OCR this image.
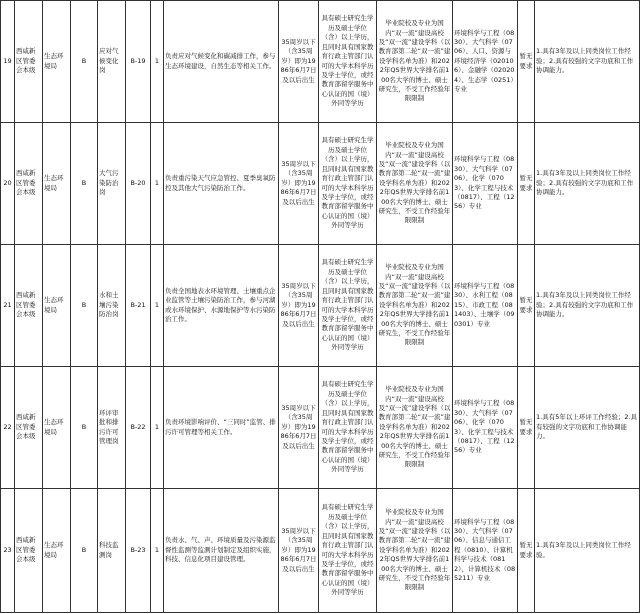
19	西咸新区管委会本级	生态环境局	B	应对气候变化岗	B-19	1	负责应对气候变化和碳减排工作，参与生态环境建设，自然生态等相关工作。	35周岁以下（含35周岁）即为1986年6月7日及以后出生	具有硕士研究生学历及硕士学位（含）以上学历，且同时具有国家教育行政主管部门认可的大学本科学历及学士学位，或经教育部留学服务中心认证的国（境）外同等学历	毕业院校及专业为国内“双一流”建设高校及“双一流”建设学科（以教育部第二轮“双一流”建设学科名单为准）和2022年QS世界大学排名前100名大学的博士、硕士研究生，不受工作经验年限限制	环境科学与工程（0830）、大气科学（0706）、人口、资源与环境经济学（020106）、金融学（020204）、生态学（0251）专业	暂无要求	1.具有3年及以上同类岗位工作经验；2.具有较强的文字功底和工作协调能力。
20	西咸新区管委会本级	生态环境局	B	大气污染防治岗	B-20	1	负责重污染天气应急管控、夏季臭氧防控及其他大气污染防治工作。	35周岁以下（含35周岁）即为1986年6月7日及以后出生	具有硕士研究生学历及硕士学位（含）以上学历，且同时具有国家教育行政主管部门认可的大学本科学历及学士学位，或经教育部留学服务中心认证的国（境）外同等学历	毕业院校及专业为国内“双一流”建设高校及“双一流”建设学科（以教育部第二轮“双一流”建设学科名单为准）和2022年QS世界大学排名前100名大学的博士、硕士研究生，不受工作经验年限限制	环境科学与工程（0830）、大气科学（0706）、化学（0703）、化学工程与技术（0817）、工程（1256）专业	暂无要求	1.具有3年及以上同类岗位工作经验；2.具有较强的文字功底和工作协调能力。
21	西咸新区管委会本级	生态环境局	B	水和土壤污染防治岗	B-21	1	负责全国地表水环境管理、土壤重点企业监管等土壤污染防治工作，参与河湖或水环境保护、水源地保护等水污染防治工作。	35周岁以下（含35周岁）即为1986年6月7日及以后出生	具有硕士研究生学历及硕士学位（含）以上学历，且同时具有国家教育行政主管部门认可的大学本科学历及学士学位，或经教育部留学服务中心认证的国（境）外同等学历	毕业院校及专业为国内“双一流”建设高校及“双一流”建设学科（以教育部第二轮“双一流”建设学科名单为准）和2022年QS世界大学排名前100名大学的博士、硕士研究生，不受工作经验年限限制	环境科学与工程（0830）、水利工程（0815）、市政工程（081403）、土壤学（090301）专业	暂无要求	1.具有3年及以上同类岗位工作经验；2.具有较强的文字功底和工作协调能力。
22	西咸新区管委会本级	生态环境局	B	环评审批和排污许可管理岗	B-22	1	负责环境影响评价、“三同时”监管、排污许可管理等相关工作。	35周岁以下（含35周岁）即为1986年6月7日及以后出生	具有硕士研究生学历及硕士学位（含）以上学历，且同时具有国家教育行政主管部门认可的大学本科学历及学士学位，或经教育部留学服务中心认证的国（境）外同等学历	毕业院校及专业为国内“双一流”建设高校及“双一流”建设学科（以教育部第二轮“双一流”建设学科名单为准）和2022年QS世界大学排名前100名大学的博士、硕士研究生，不受工作经验年限限制	环境科学与工程（0830）、大气科学（0706）、化学（0703）、化学工程与技术（0817）、工程（1256）专业	暂无要求	1.具有5年以上环评工作经验；2.具有较强的文字功底和工作协调能力。
23	西咸新区管委会本级	生态环境局	B	科技监测岗	B-23	1	负责水、气、声、环境质量及污染源监督性监测等监测计划制定及组织实施，科技、信息化项目建设管理。	35周岁以下（含35周岁）即为1986年6月7日及以后出生	具有硕士研究生学历及硕士学位（含）以上学历，且同时具有国家教育行政主管部门认可的大学本科学历及学士学位，或经教育部留学服务中心认证的国（境）外同等学历	毕业院校及专业为国内“双一流”建设高校及“双一流”建设学科（以教育部第二轮“双一流”建设学科名单为准）和2022年QS世界大学排名前100名大学的博士、硕士研究生，不受工作经验年限限制	环境科学与工程（0830）、大气科学（0706）、信息与通信工程（0810）、计算机科学与技术（0812）、计算机技术（085211）专业	暂无要求	1.具有3年及以上同类岗位工作经验。
